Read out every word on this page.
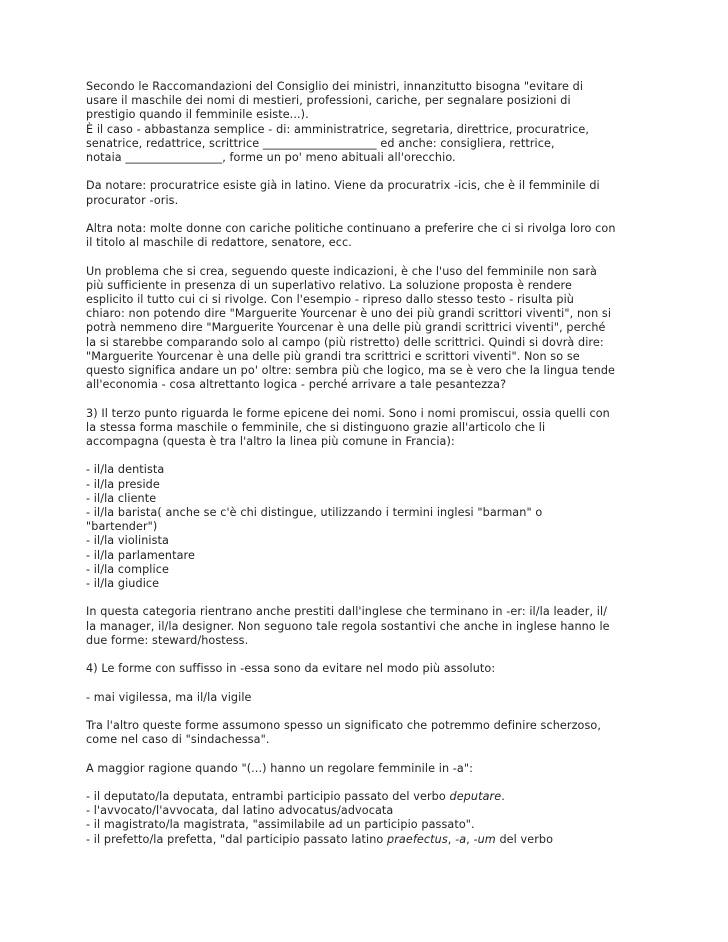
Secondo le Raccomandazioni del Consiglio dei ministri, innanzitutto bisogna "evitare di
usare il maschile dei nomi di mestieri, professioni, cariche, per segnalare posizioni di
prestigio quando il femminile esiste...).
È il caso - abbastanza semplice - di: amministratrice, segretaria, direttrice, procuratrice,
senatrice, redattrice, scrittrice ____________________ ed anche: consigliera, rettrice,
notaia _________________, forme un po' meno abituali all'orecchio.

Da notare: procuratrice esiste già in latino. Viene da procuratrix -icis, che è il femminile di
procurator -oris.

Altra nota: molte donne con cariche politiche continuano a preferire che ci si rivolga loro con
il titolo al maschile di redattore, senatore, ecc.

Un problema che si crea, seguendo queste indicazioni, è che l'uso del femminile non sarà
più sufficiente in presenza di un superlativo relativo. La soluzione proposta è rendere
esplicito il tutto cui ci si rivolge. Con l'esempio - ripreso dallo stesso testo - risulta più
chiaro: non potendo dire "Marguerite Yourcenar è uno dei più grandi scrittori viventi", non si
potrà nemmeno dire "Marguerite Yourcenar è una delle più grandi scrittrici viventi", perché
la si starebbe comparando solo al campo (più ristretto) delle scrittrici. Quindi si dovrà dire:
"Marguerite Yourcenar è una delle più grandi tra scrittrici e scrittori viventi". Non so se
questo significa andare un po' oltre: sembra più che logico, ma se è vero che la lingua tende
all'economia - cosa altrettanto logica - perché arrivare a tale pesantezza?

3) Il terzo punto riguarda le forme epicene dei nomi. Sono i nomi promiscui, ossia quelli con
la stessa forma maschile o femminile, che si distinguono grazie all'articolo che li
accompagna (questa è tra l'altro la linea più comune in Francia):

- il/la dentista
- il/la preside
- il/la cliente
- il/la barista( anche se c'è chi distingue, utilizzando i termini inglesi "barman" o
"bartender")
- il/la violinista
- il/la parlamentare
- il/la complice
- il/la giudice

In questa categoria rientrano anche prestiti dall'inglese che terminano in -er: il/la leader, il/
la manager, il/la designer. Non seguono tale regola sostantivi che anche in inglese hanno le
due forme: steward/hostess.

4) Le forme con suffisso in -essa sono da evitare nel modo più assoluto:

- mai vigilessa, ma il/la vigile

Tra l'altro queste forme assumono spesso un significato che potremmo definire scherzoso,
come nel caso di "sindachessa".

A maggior ragione quando "(...) hanno un regolare femminile in -a":

- il deputato/la deputata, entrambi participio passato del verbo deputare.
- l'avvocato/l'avvocata, dal latino advocatus/advocata
- il magistrato/la magistrata, "assimilabile ad un participio passato".
- il prefetto/la prefetta, "dal participio passato latino praefectus, -a, -um del verbo
